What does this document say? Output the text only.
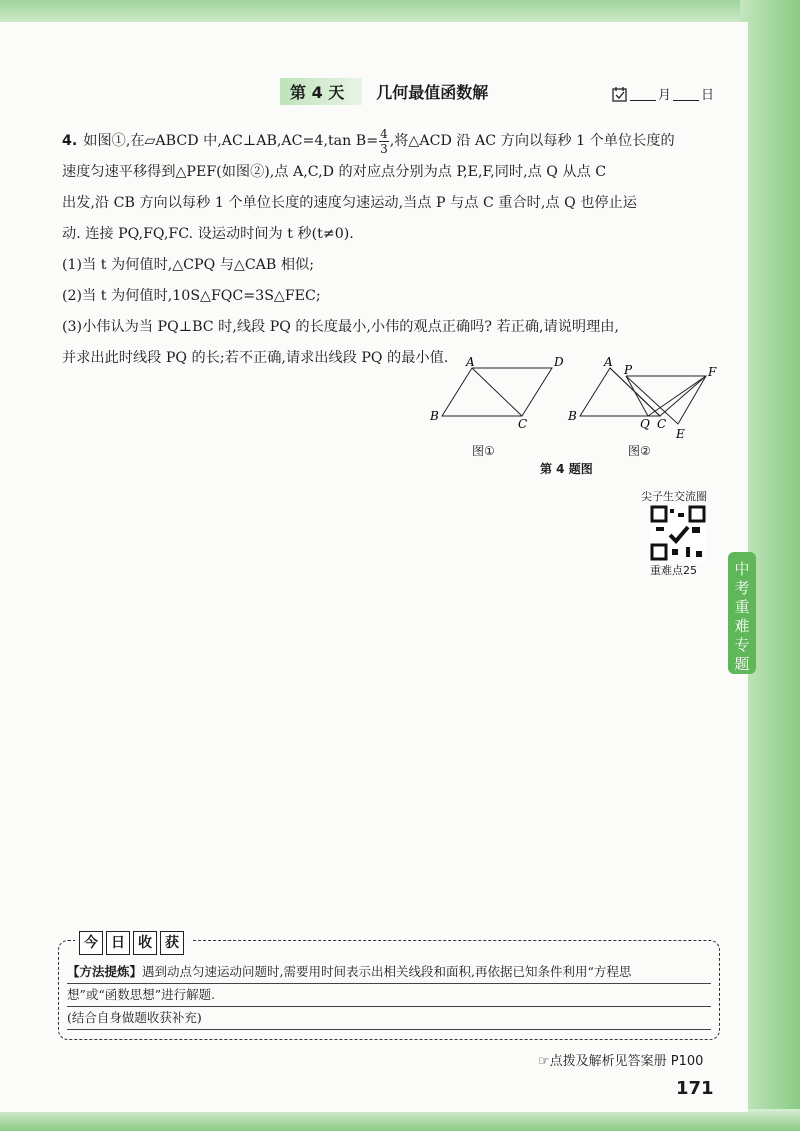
中
考
重
难
专
题
第 4 天	几何最值函数解	月 日

4. 如图①,在▱ABCD 中,AC⊥AB,AC=4,tan $B= \frac{4}{3}$ ,将△ACD 沿 AC 方向以每秒 1 个单位长度的

速度匀速平移得到△PEF(如图②),点 A,C,D 的对应点分别为点 P,E,F,同时,点 Q 从点 C

出发,沿 CB 方向以每秒 1 个单位长度的速度匀速运动,当点 P 与点 C 重合时,点 Q 也停止运

动. 连接 PQ,FQ,FC. 设运动时间为 t 秒(t≠0).

(1)当 t 为何值时,△CPQ 与△CAB 相似;

(2)当 t 为何值时,10S△FQC=3S△FEC;

(3)小伟认为当 PQ⊥BC 时,线段 PQ 的长度最小,小伟的观点正确吗? 若正确,请说明理由,

并求出此时线段 PQ 的长;若不正确,请求出线段 PQ 的最小值.	A	D
B
C
A
P	F
B
Q C
E
图①	图②
第 4 题图
尖子生交流圈
重难点25
今 日 收 获
【方法提炼】遇到动点匀速运动问题时,需要用时间表示出相关线段和面积,再依据已知条件利用“方程思
想”或“函数思想”进行解题.
(结合自身做题收获补充)
☞点拨及解析见答案册 P100
171
